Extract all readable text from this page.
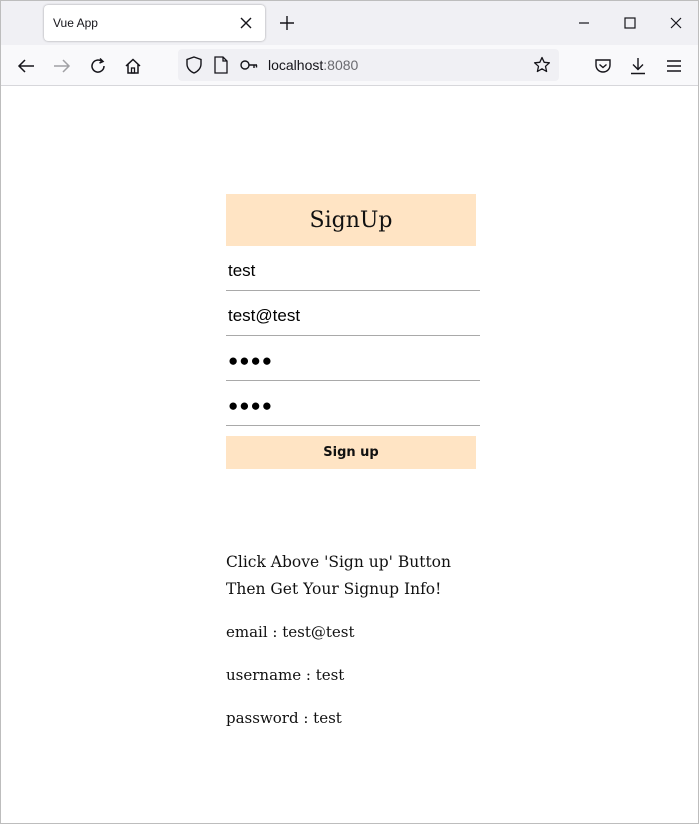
Vue App
localhost:8080
SignUp
test
test@test
●●●●
●●●●
Sign up
Click Above 'Sign up' Button
Then Get Your Signup Info!
email : test@test
username : test
password : test
